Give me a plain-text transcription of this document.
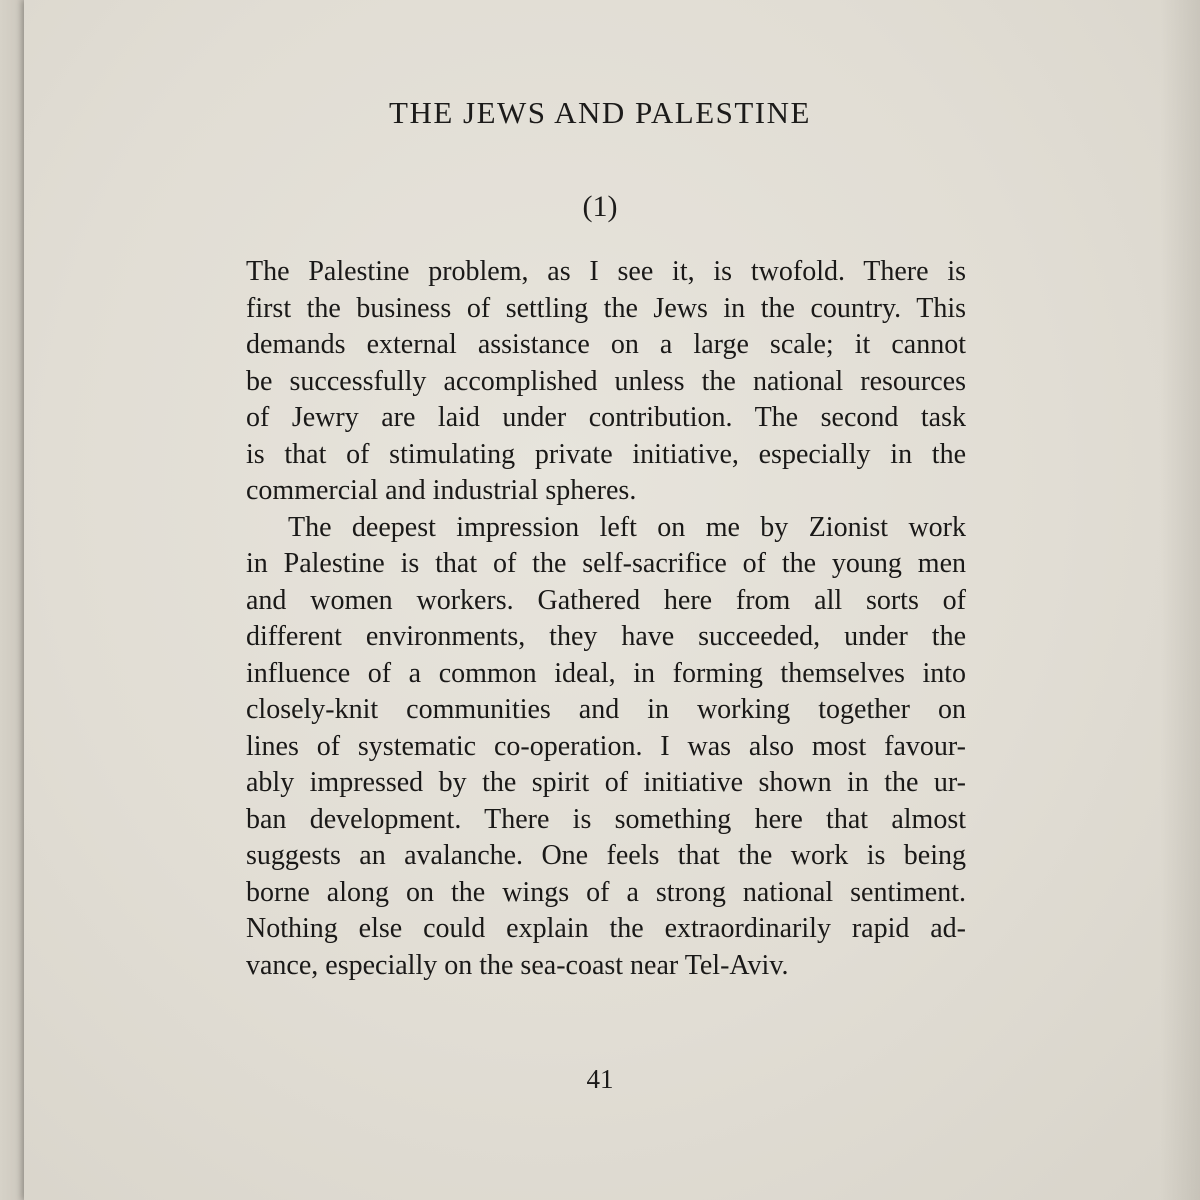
THE JEWS AND PALESTINE
(1)
The Palestine problem, as I see it, is twofold. There is
first the business of settling the Jews in the country. This
demands external assistance on a large scale; it cannot
be successfully accomplished unless the national resources
of Jewry are laid under contribution. The second task
is that of stimulating private initiative, especially in the
commercial and industrial spheres.
The deepest impression left on me by Zionist work
in Palestine is that of the self-sacrifice of the young men
and women workers. Gathered here from all sorts of
different environments, they have succeeded, under the
influence of a common ideal, in forming themselves into
closely-knit communities and in working together on
lines of systematic co-operation. I was also most favour-
ably impressed by the spirit of initiative shown in the ur-
ban development. There is something here that almost
suggests an avalanche. One feels that the work is being
borne along on the wings of a strong national sentiment.
Nothing else could explain the extraordinarily rapid ad-
vance, especially on the sea-coast near Tel-Aviv.
41
